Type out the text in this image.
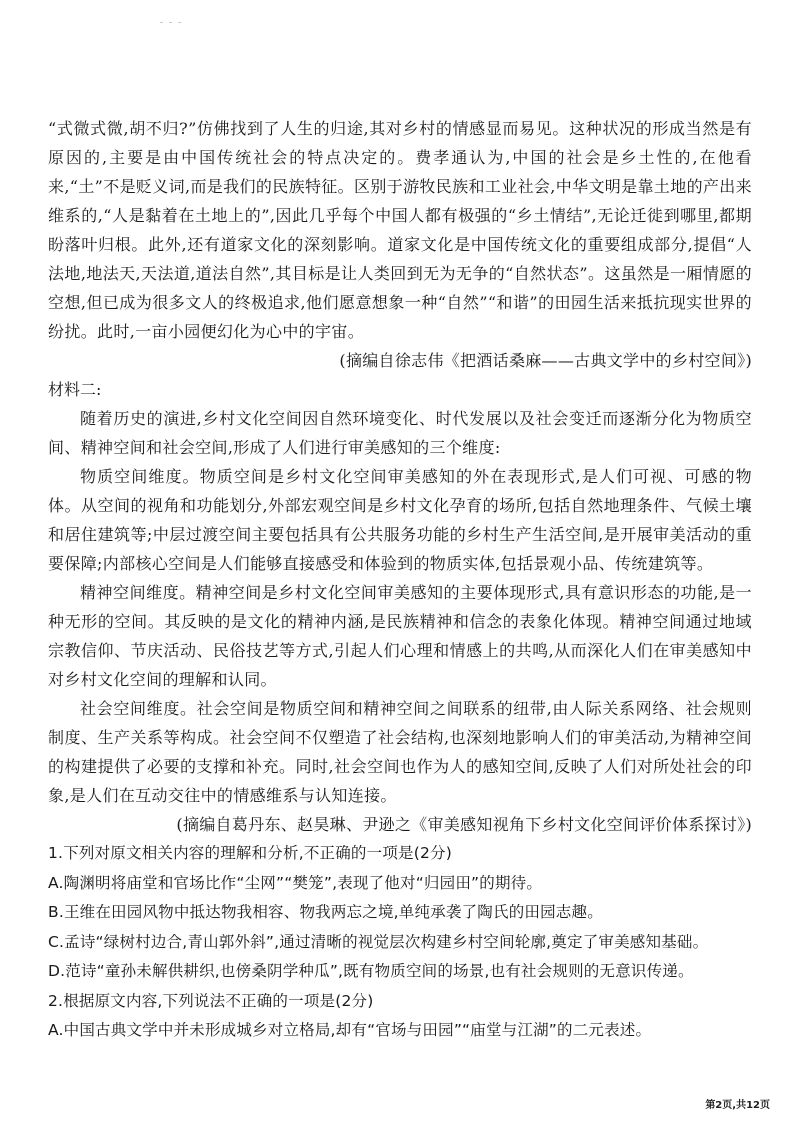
“式微式微,胡不归?”仿佛找到了人生的归途,其对乡村的情感显而易见。这种状况的形成当然是有原因的,主要是由中国传统社会的特点决定的。费孝通认为,中国的社会是乡土性的,在他看来,“土”不是贬义词,而是我们的民族特征。区别于游牧民族和工业社会,中华文明是靠土地的产出来维系的,“人是黏着在土地上的”,因此几乎每个中国人都有极强的“乡土情结”,无论迁徙到哪里,都期盼落叶归根。此外,还有道家文化的深刻影响。道家文化是中国传统文化的重要组成部分,提倡“人法地,地法天,天法道,道法自然”,其目标是让人类回到无为无争的“自然状态”。这虽然是一厢情愿的空想,但已成为很多文人的终极追求,他们愿意想象一种“自然”“和谐”的田园生活来抵抗现实世界的纷扰。此时,一亩小园便幻化为心中的宇宙。

(摘编自徐志伟《把酒话桑麻——古典文学中的乡村空间》)

材料二:

随着历史的演进,乡村文化空间因自然环境变化、时代发展以及社会变迁而逐渐分化为物质空间、精神空间和社会空间,形成了人们进行审美感知的三个维度:

物质空间维度。物质空间是乡村文化空间审美感知的外在表现形式,是人们可视、可感的物体。从空间的视角和功能划分,外部宏观空间是乡村文化孕育的场所,包括自然地理条件、气候土壤和居住建筑等;中层过渡空间主要包括具有公共服务功能的乡村生产生活空间,是开展审美活动的重要保障;内部核心空间是人们能够直接感受和体验到的物质实体,包括景观小品、传统建筑等。

精神空间维度。精神空间是乡村文化空间审美感知的主要体现形式,具有意识形态的功能,是一种无形的空间。其反映的是文化的精神内涵,是民族精神和信念的表象化体现。精神空间通过地域宗教信仰、节庆活动、民俗技艺等方式,引起人们心理和情感上的共鸣,从而深化人们在审美感知中对乡村文化空间的理解和认同。

社会空间维度。社会空间是物质空间和精神空间之间联系的纽带,由人际关系网络、社会规则制度、生产关系等构成。社会空间不仅塑造了社会结构,也深刻地影响人们的审美活动,为精神空间的构建提供了必要的支撑和补充。同时,社会空间也作为人的感知空间,反映了人们对所处社会的印象,是人们在互动交往中的情感维系与认知连接。

(摘编自葛丹东、赵昊琳、尹逊之《审美感知视角下乡村文化空间评价体系探讨》)

1.下列对原文相关内容的理解和分析,不正确的一项是(2分)

A.陶渊明将庙堂和官场比作“尘网”“樊笼”,表现了他对“归园田”的期待。

B.王维在田园风物中抵达物我相容、物我两忘之境,单纯承袭了陶氏的田园志趣。

C.孟诗“绿树村边合,青山郭外斜”,通过清晰的视觉层次构建乡村空间轮廓,奠定了审美感知基础。

D.范诗“童孙未解供耕织,也傍桑阴学种瓜”,既有物质空间的场景,也有社会规则的无意识传递。

2.根据原文内容,下列说法不正确的一项是(2分)

A.中国古典文学中并未形成城乡对立格局,却有“官场与田园”“庙堂与江湖”的二元表述。

第2页,共12页
